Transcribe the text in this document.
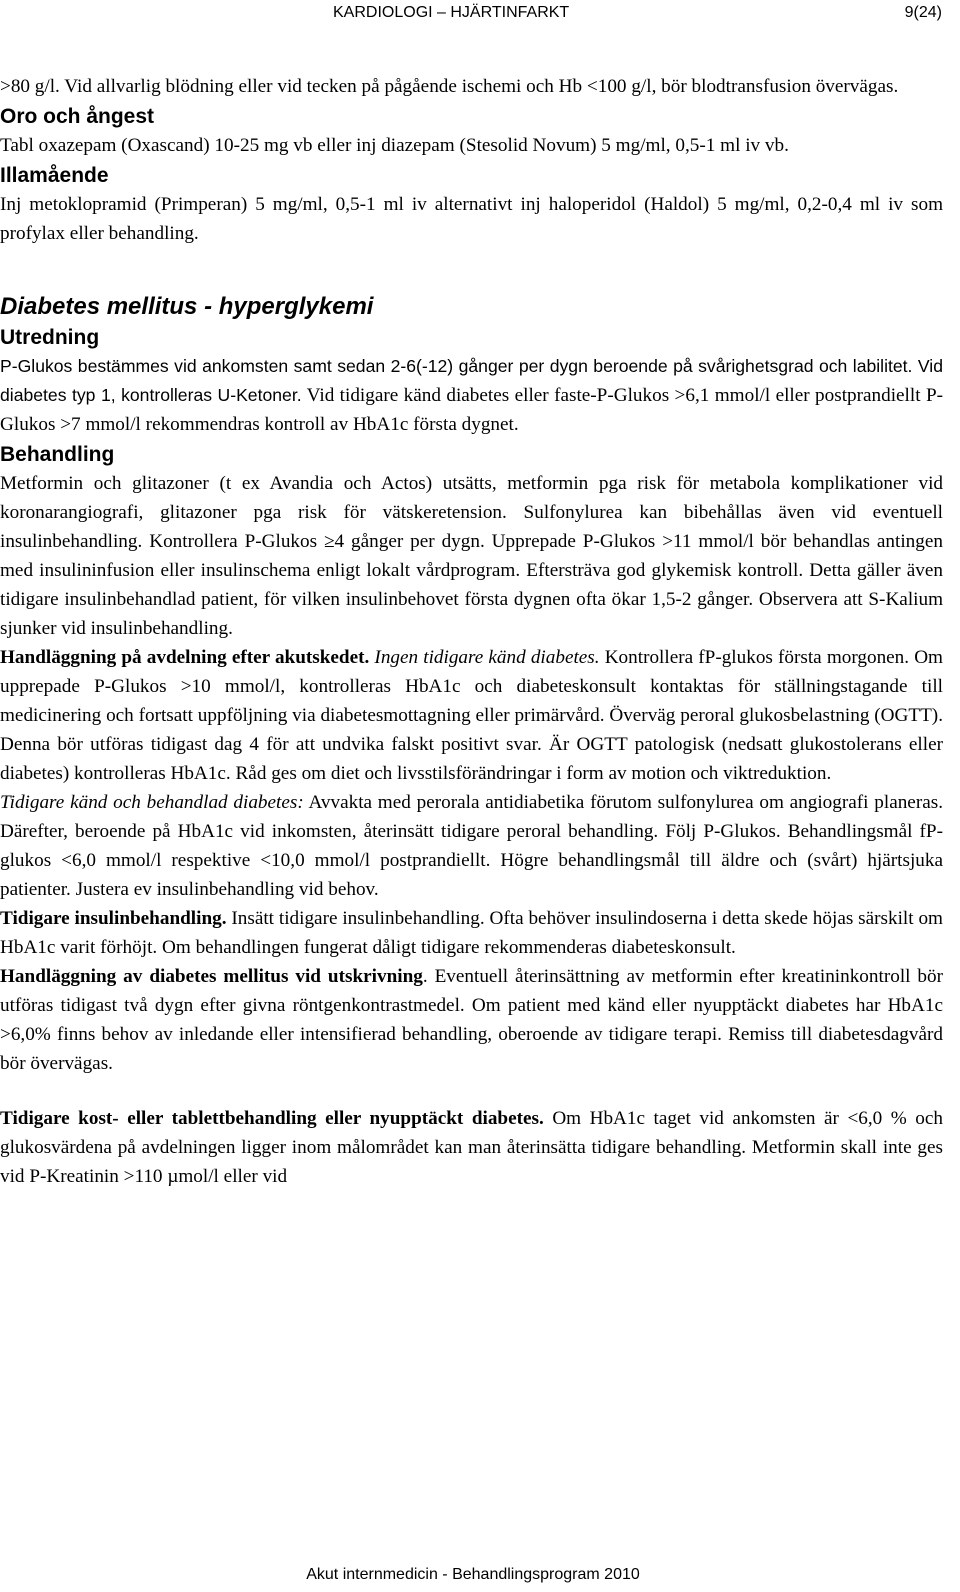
KARDIOLOGI – HJÄRTINFARKT	9(24)

>80 g/l. Vid allvarlig blödning eller vid tecken på pågående ischemi och Hb <100 g/l, bör blodtransfusion övervägas.

Oro och ångest

Tabl oxazepam (Oxascand) 10-25 mg vb eller inj diazepam (Stesolid Novum) 5 mg/ml, 0,5-1 ml iv vb.

Illamående

Inj metoklopramid (Primperan) 5 mg/ml, 0,5-1 ml iv alternativt inj haloperidol (Haldol) 5 mg/ml, 0,2-0,4 ml iv som profylax eller behandling.

Diabetes mellitus - hyperglykemi
Utredning

P-Glukos bestämmes vid ankomsten samt sedan 2-6(-12) gånger per dygn beroende på svårighetsgrad och labilitet. Vid diabetes typ 1, kontrolleras U-Ketoner. Vid tidigare känd diabetes eller faste-P-Glukos >6,1 mmol/l eller postprandiellt P-Glukos >7 mmol/l rekommendras kontroll av HbA1c första dygnet.

Behandling

Metformin och glitazoner (t ex Avandia och Actos) utsätts, metformin pga risk för metabola komplikationer vid koronarangiografi, glitazoner pga risk för vätskeretension. Sulfonylurea kan bibehållas även vid eventuell insulinbehandling. Kontrollera P-Glukos ≥4 gånger per dygn. Upprepade P-Glukos >11 mmol/l bör behandlas antingen med insulininfusion eller insulinschema enligt lokalt vårdprogram. Eftersträva god glykemisk kontroll. Detta gäller även tidigare insulinbehandlad patient, för vilken insulinbehovet första dygnen ofta ökar 1,5-2 gånger. Observera att S-Kalium sjunker vid insulinbehandling.

Handläggning på avdelning efter akutskedet. Ingen tidigare känd diabetes. Kontrollera fP-glukos första morgonen. Om upprepade P-Glukos >10 mmol/l, kontrolleras HbA1c och diabeteskonsult kontaktas för ställningstagande till medicinering och fortsatt uppföljning via diabetesmottagning eller primärvård. Överväg peroral glukosbelastning (OGTT). Denna bör utföras tidigast dag 4 för att undvika falskt positivt svar. Är OGTT patologisk (nedsatt glukostolerans eller diabetes) kontrolleras HbA1c. Råd ges om diet och livsstilsförändringar i form av motion och viktreduktion.

Tidigare känd och behandlad diabetes: Avvakta med perorala antidiabetika förutom sulfonylurea om angiografi planeras. Därefter, beroende på HbA1c vid inkomsten, återinsätt tidigare peroral behandling. Följ P-Glukos. Behandlingsmål fP-glukos <6,0 mmol/l respektive <10,0 mmol/l postprandiellt. Högre behandlingsmål till äldre och (svårt) hjärtsjuka patienter. Justera ev insulinbehandling vid behov.

Tidigare insulinbehandling. Insätt tidigare insulinbehandling. Ofta behöver insulindoserna i detta skede höjas särskilt om HbA1c varit förhöjt. Om behandlingen fungerat dåligt tidigare rekommenderas diabeteskonsult.

Handläggning av diabetes mellitus vid utskrivning. Eventuell återinsättning av metformin efter kreatininkontroll bör utföras tidigast två dygn efter givna röntgenkontrastmedel. Om patient med känd eller nyupptäckt diabetes har HbA1c >6,0% finns behov av inledande eller intensifierad behandling, oberoende av tidigare terapi. Remiss till diabetesdagvård bör övervägas.

Tidigare kost- eller tablettbehandling eller nyupptäckt diabetes. Om HbA1c taget vid ankomsten är <6,0 % och glukosvärdena på avdelningen ligger inom målområdet kan man återinsätta tidigare behandling. Metformin skall inte ges vid P-Kreatinin >110 µmol/l eller vid

Akut internmedicin - Behandlingsprogram 2010
